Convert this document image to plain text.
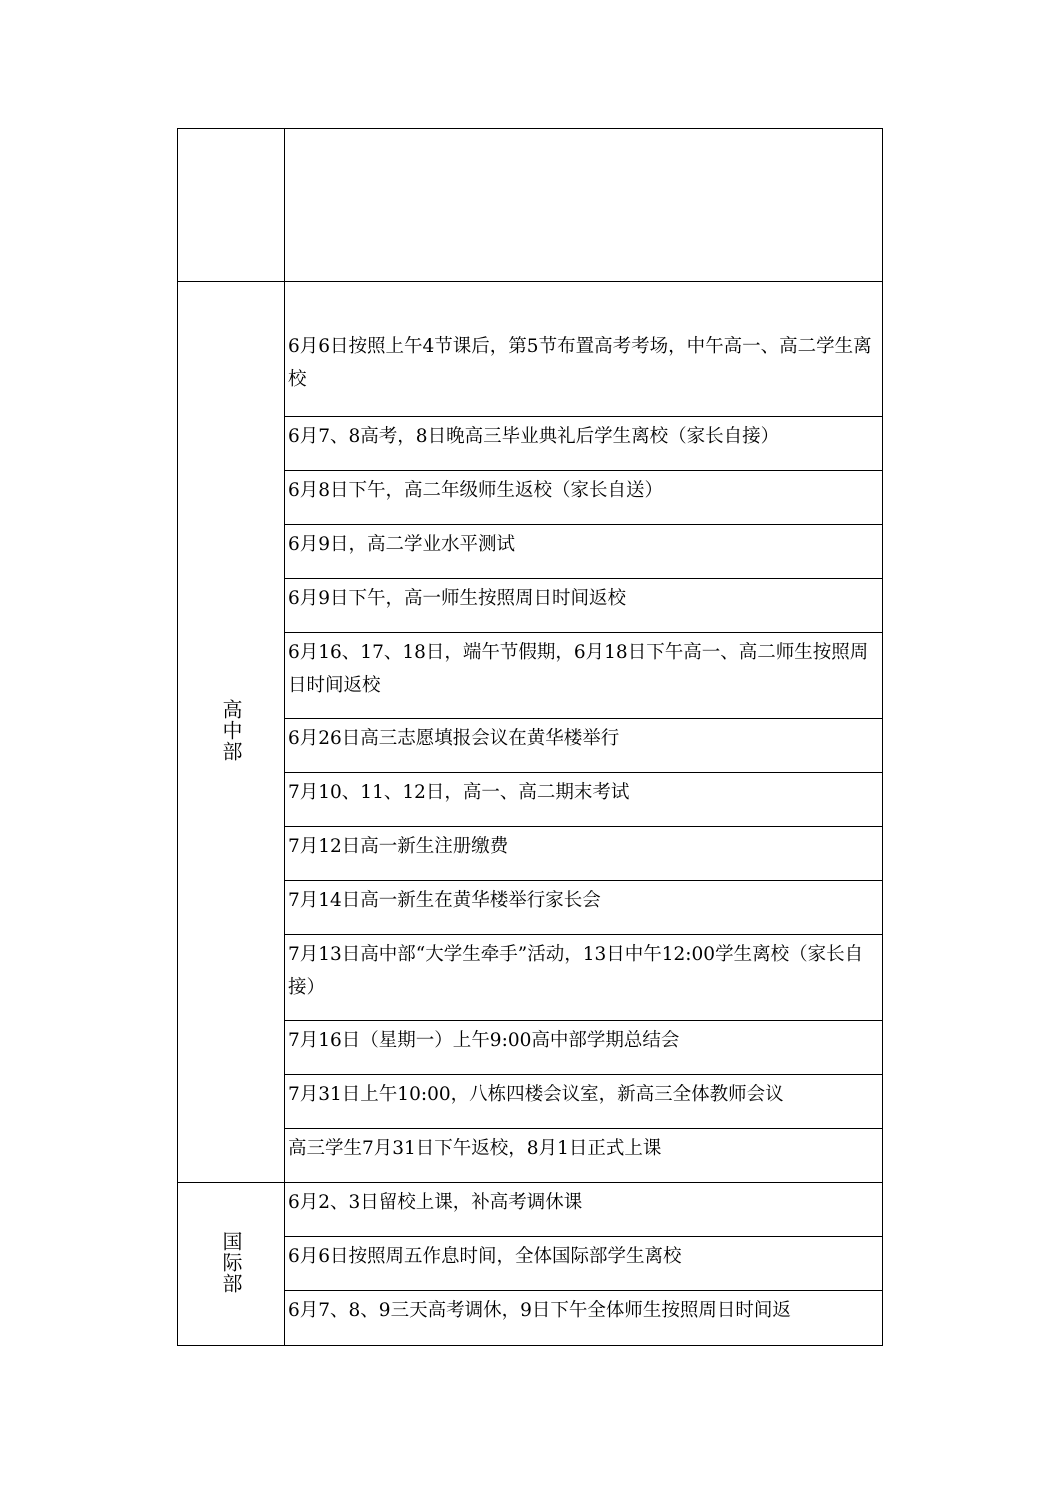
高中部	6月6日按照上午4节课后，第5节布置高考考场，中午高一、高二学生离校

	6月7、8高考，8日晚高三毕业典礼后学生离校（家长自接）

	6月8日下午，高二年级师生返校（家长自送）

	6月9日，高二学业水平测试

	6月9日下午，高一师生按照周日时间返校

	6月16、17、18日，端午节假期，6月18日下午高一、高二师生按照周日时间返校

	6月26日高三志愿填报会议在黄华楼举行

	7月10、11、12日，高一、高二期末考试

	7月12日高一新生注册缴费

	7月14日高一新生在黄华楼举行家长会

	7月13日高中部“大学生牵手”活动，13日中午12:00学生离校（家长自接）

	7月16日（星期一）上午9:00高中部学期总结会

	7月31日上午10:00，八栋四楼会议室，新高三全体教师会议

	高三学生7月31日下午返校，8月1日正式上课

国际部	6月2、3日留校上课，补高考调休课

	6月6日按照周五作息时间，全体国际部学生离校

	6月7、8、9三天高考调休，9日下午全体师生按照周日时间返
